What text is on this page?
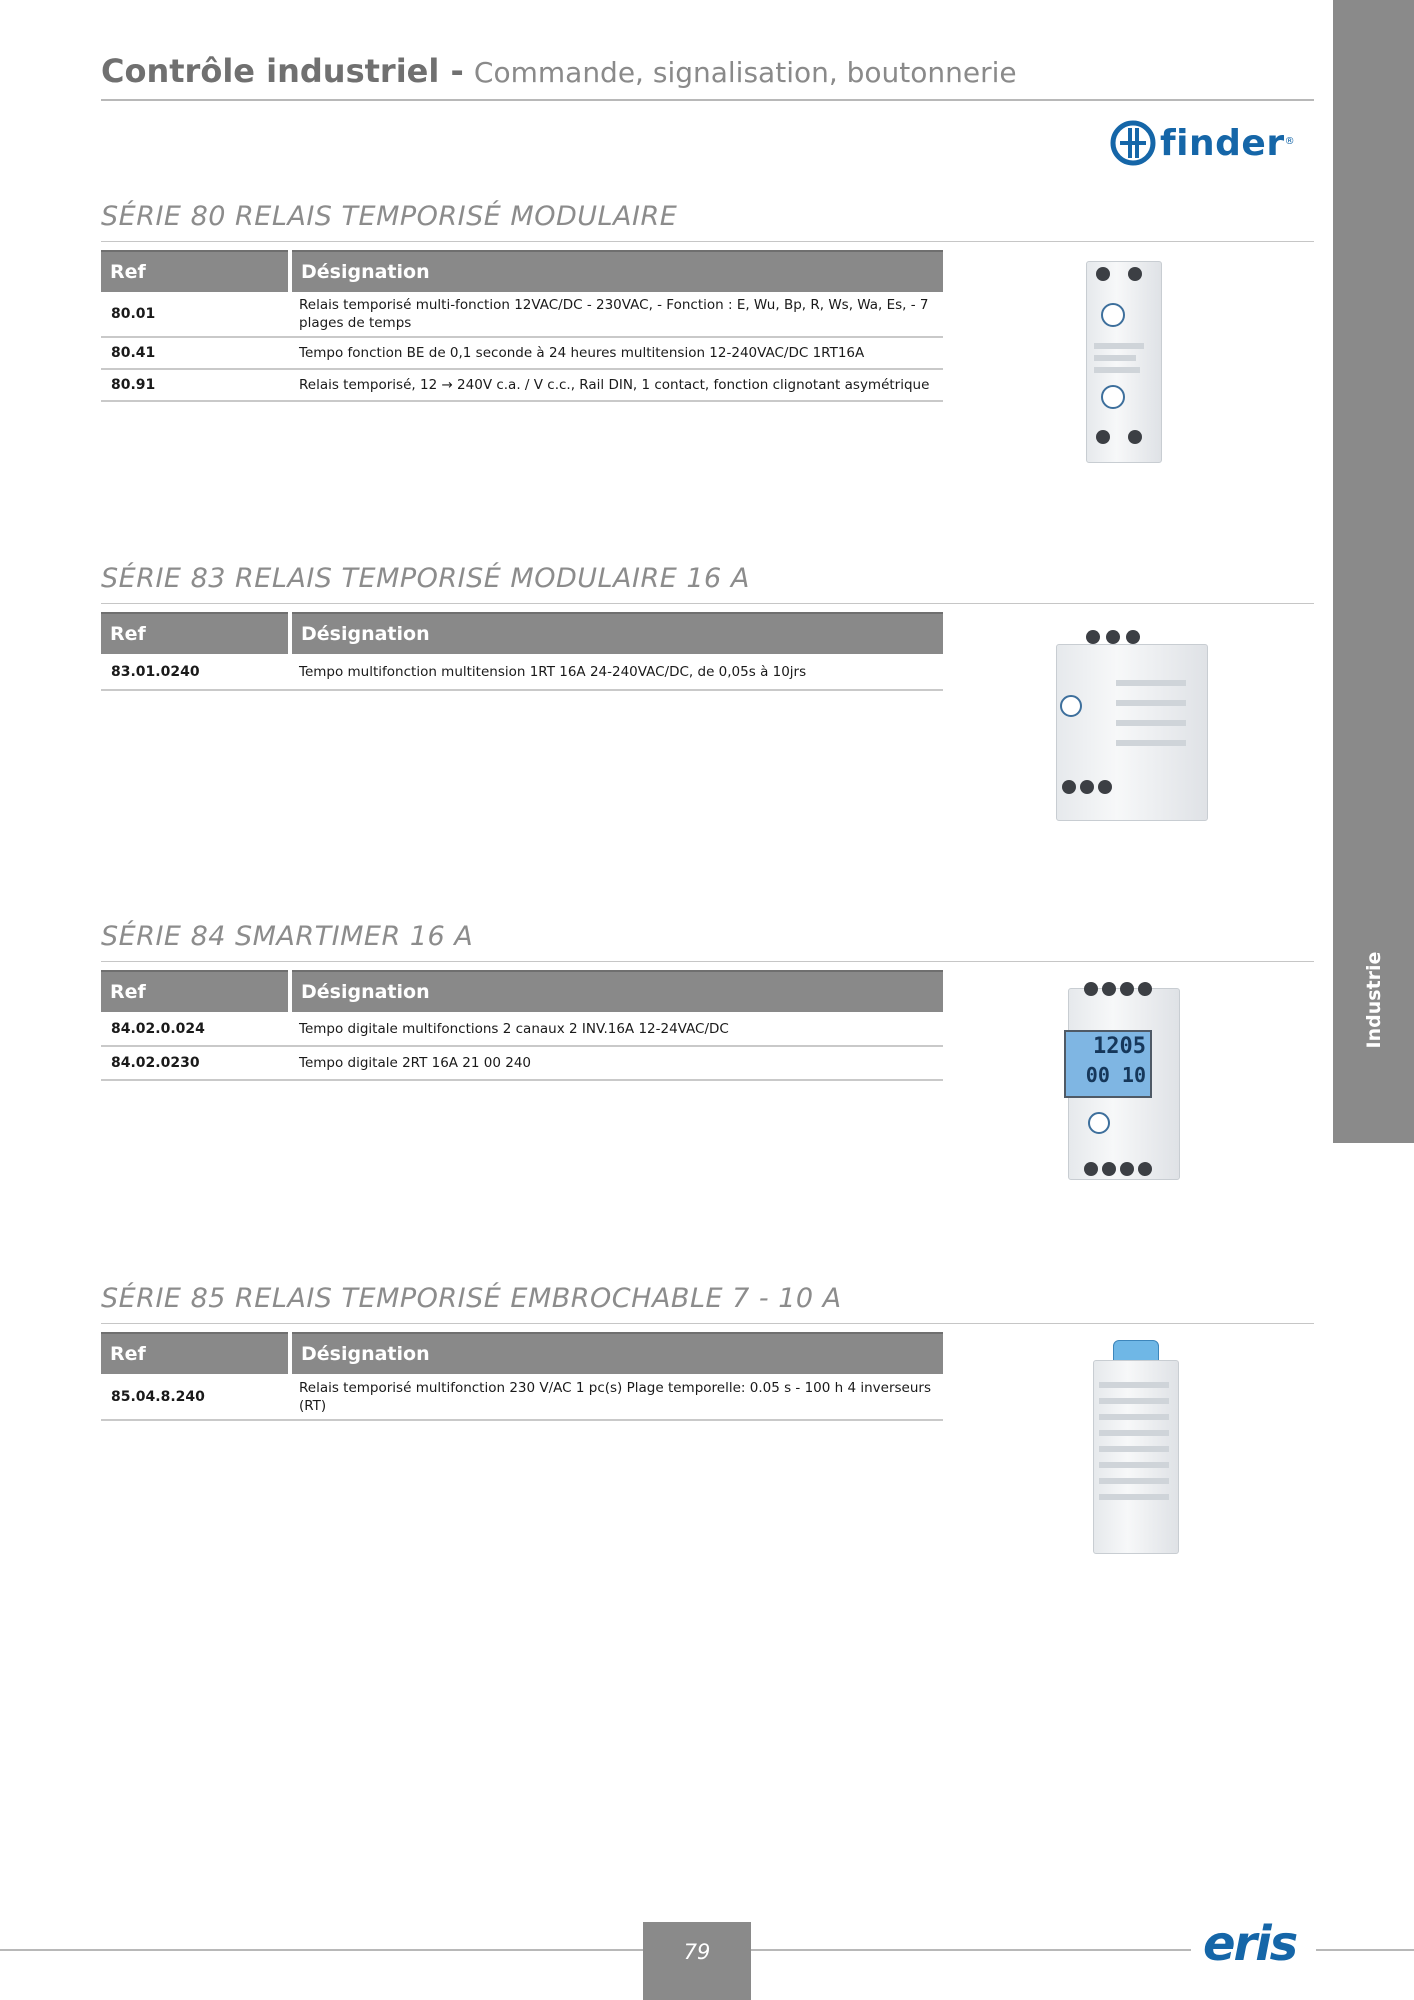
Contrôle industriel - Commande, signalisation, boutonnerie
Industrie
finder ®
SÉRIE 80 RELAIS TEMPORISÉ MODULAIRE
Ref	Désignation
80.01	Relais temporisé multi-fonction 12VAC/DC - 230VAC, - Fonction : E, Wu, Bp, R, Ws, Wa, Es, - 7 plages de temps
80.41	Tempo fonction BE de 0,1 seconde à 24 heures multitension 12-240VAC/DC 1RT16A
80.91	Relais temporisé, 12 → 240V c.a. / V c.c., Rail DIN, 1 contact, fonction clignotant asymétrique
SÉRIE 83 RELAIS TEMPORISÉ MODULAIRE 16 A
Ref	Désignation
83.01.0240	Tempo multifonction multitension 1RT 16A 24-240VAC/DC, de 0,05s à 10jrs
SÉRIE 84 SMARTIMER 16 A
Ref	Désignation
84.02.0.024	Tempo digitale multifonctions 2 canaux 2 INV.16A 12-24VAC/DC
84.02.0230	Tempo digitale 2RT 16A 21 00 240
1205
00 10
SÉRIE 85 RELAIS TEMPORISÉ EMBROCHABLE 7 - 10 A
Ref	Désignation
85.04.8.240	Relais temporisé multifonction 230 V/AC 1 pc(s) Plage temporelle: 0.05 s - 100 h 4 inverseurs (RT)
79	eris
